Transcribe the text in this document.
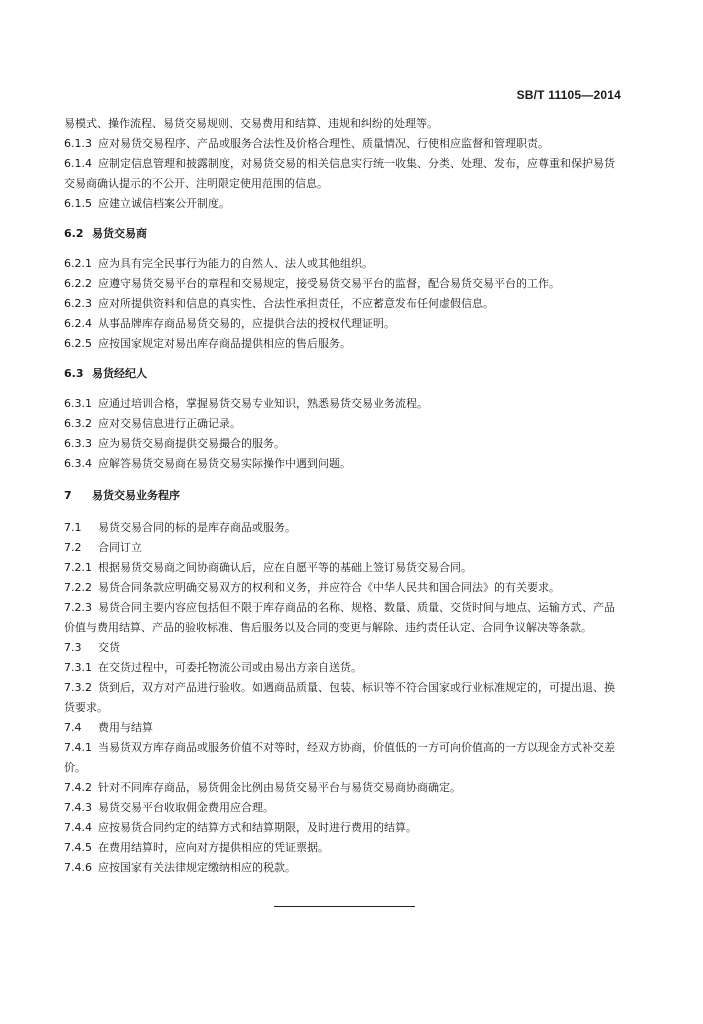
SB/T 11105—2014

易模式、操作流程、易货交易规则、交易费用和结算、违规和纠纷的处理等。

6.1.3 应对易货交易程序、产品或服务合法性及价格合理性、质量情况、行使相应监督和管理职责。

6.1.4 应制定信息管理和披露制度，对易货交易的相关信息实行统一收集、分类、处理、发布，应尊重和保护易货交易商确认提示的不公开、注明限定使用范围的信息。

6.1.5 应建立诚信档案公开制度。

6.2 易货交易商

6.2.1 应为具有完全民事行为能力的自然人、法人或其他组织。

6.2.2 应遵守易货交易平台的章程和交易规定，接受易货交易平台的监督，配合易货交易平台的工作。

6.2.3 应对所提供资料和信息的真实性、合法性承担责任，不应蓄意发布任何虚假信息。

6.2.4 从事品牌库存商品易货交易的，应提供合法的授权代理证明。

6.2.5 应按国家规定对易出库存商品提供相应的售后服务。

6.3 易货经纪人

6.3.1 应通过培训合格，掌握易货交易专业知识，熟悉易货交易业务流程。

6.3.2 应对交易信息进行正确记录。

6.3.3 应为易货交易商提供交易撮合的服务。

6.3.4 应解答易货交易商在易货交易实际操作中遇到问题。

7 易货交易业务程序

7.1 易货交易合同的标的是库存商品或服务。

7.2 合同订立

7.2.1 根据易货交易商之间协商确认后，应在自愿平等的基础上签订易货交易合同。

7.2.2 易货合同条款应明确交易双方的权利和义务，并应符合《中华人民共和国合同法》的有关要求。

7.2.3 易货合同主要内容应包括但不限于库存商品的名称、规格、数量、质量、交货时间与地点、运输方式、产品价值与费用结算、产品的验收标准、售后服务以及合同的变更与解除、违约责任认定、合同争议解决等条款。

7.3 交货

7.3.1 在交货过程中，可委托物流公司或由易出方亲自送货。

7.3.2 货到后，双方对产品进行验收。如遇商品质量、包装、标识等不符合国家或行业标准规定的，可提出退、换货要求。

7.4 费用与结算

7.4.1 当易货双方库存商品或服务价值不对等时，经双方协商，价值低的一方可向价值高的一方以现金方式补交差价。

7.4.2 针对不同库存商品，易货佣金比例由易货交易平台与易货交易商协商确定。

7.4.3 易货交易平台收取佣金费用应合理。

7.4.4 应按易货合同约定的结算方式和结算期限，及时进行费用的结算。

7.4.5 在费用结算时，应向对方提供相应的凭证票据。

7.4.6 应按国家有关法律规定缴纳相应的税款。
